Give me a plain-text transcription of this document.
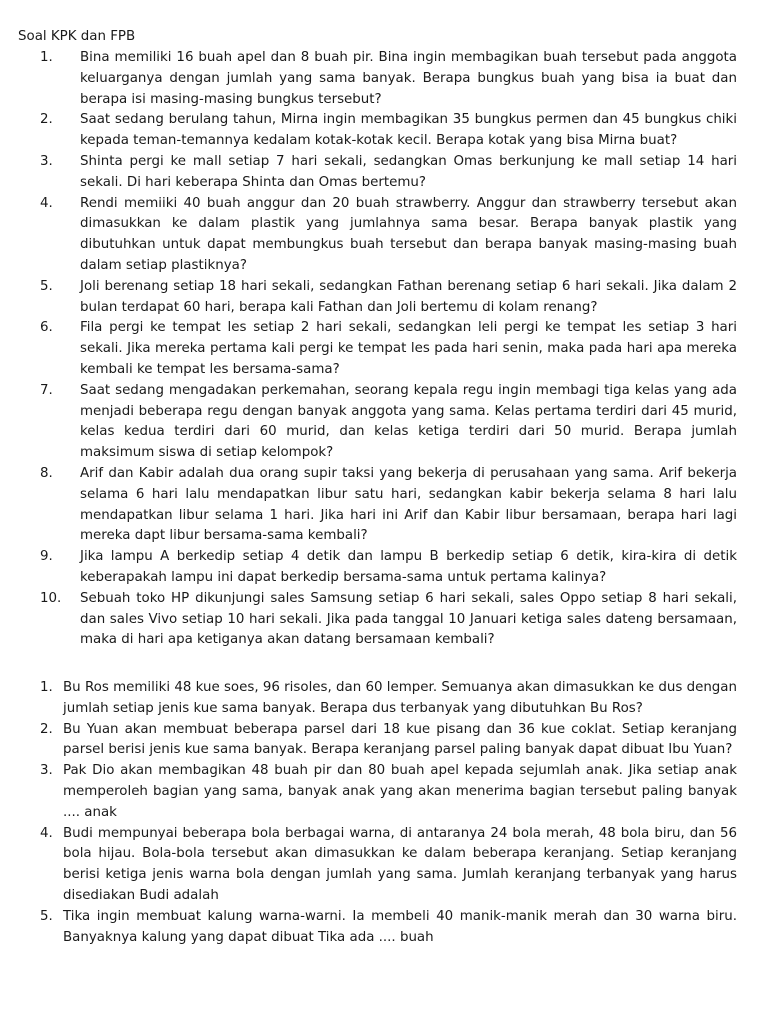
Soal KPK dan FPB
1. Bina memiliki 16 buah apel dan 8 buah pir. Bina ingin membagikan buah tersebut pada anggota keluarganya dengan jumlah yang sama banyak. Berapa bungkus buah yang bisa ia buat dan berapa isi masing-masing bungkus tersebut?
2. Saat sedang berulang tahun, Mirna ingin membagikan 35 bungkus permen dan 45 bungkus chiki kepada teman-temannya kedalam kotak-kotak kecil. Berapa kotak yang bisa Mirna buat?
3. Shinta pergi ke mall setiap 7 hari sekali, sedangkan Omas berkunjung ke mall setiap 14 hari sekali. Di hari keberapa Shinta dan Omas bertemu?
4. Rendi memiiki 40 buah anggur dan 20 buah strawberry. Anggur dan strawberry tersebut akan dimasukkan ke dalam plastik yang jumlahnya sama besar. Berapa banyak plastik yang dibutuhkan untuk dapat membungkus buah tersebut dan berapa banyak masing-masing buah dalam setiap plastiknya?
5. Joli berenang setiap 18 hari sekali, sedangkan Fathan berenang setiap 6 hari sekali. Jika dalam 2 bulan terdapat 60 hari, berapa kali Fathan dan Joli bertemu di kolam renang?
6. Fila pergi ke tempat les setiap 2 hari sekali, sedangkan leli pergi ke tempat les setiap 3 hari sekali. Jika mereka pertama kali pergi ke tempat les pada hari senin, maka pada hari apa mereka kembali ke tempat les bersama-sama?
7. Saat sedang mengadakan perkemahan, seorang kepala regu ingin membagi tiga kelas yang ada menjadi beberapa regu dengan banyak anggota yang sama. Kelas pertama terdiri dari 45 murid, kelas kedua terdiri dari 60 murid, dan kelas ketiga terdiri dari 50 murid. Berapa jumlah maksimum siswa di setiap kelompok?
8. Arif dan Kabir adalah dua orang supir taksi yang bekerja di perusahaan yang sama. Arif bekerja selama 6 hari lalu mendapatkan libur satu hari, sedangkan kabir bekerja selama 8 hari lalu mendapatkan libur selama 1 hari. Jika hari ini Arif dan Kabir libur bersamaan, berapa hari lagi mereka dapt libur bersama-sama kembali?
9. Jika lampu A berkedip setiap 4 detik dan lampu B berkedip setiap 6 detik, kira-kira di detik keberapakah lampu ini dapat berkedip bersama-sama untuk pertama kalinya?
10. Sebuah toko HP dikunjungi sales Samsung setiap 6 hari sekali, sales Oppo setiap 8 hari sekali, dan sales Vivo setiap 10 hari sekali. Jika pada tanggal 10 Januari ketiga sales dateng bersamaan, maka di hari apa ketiganya akan datang bersamaan kembali?
1. Bu Ros memiliki 48 kue soes, 96 risoles, dan 60 lemper. Semuanya akan dimasukkan ke dus dengan jumlah setiap jenis kue sama banyak. Berapa dus terbanyak yang dibutuhkan Bu Ros?
2. Bu Yuan akan membuat beberapa parsel dari 18 kue pisang dan 36 kue coklat. Setiap keranjang parsel berisi jenis kue sama banyak. Berapa keranjang parsel paling banyak dapat dibuat Ibu Yuan?
3. Pak Dio akan membagikan 48 buah pir dan 80 buah apel kepada sejumlah anak. Jika setiap anak memperoleh bagian yang sama, banyak anak yang akan menerima bagian tersebut paling banyak .... anak
4. Budi mempunyai beberapa bola berbagai warna, di antaranya 24 bola merah, 48 bola biru, dan 56 bola hijau. Bola-bola tersebut akan dimasukkan ke dalam beberapa keranjang. Setiap keranjang berisi ketiga jenis warna bola dengan jumlah yang sama. Jumlah keranjang terbanyak yang harus disediakan Budi adalah
5. Tika ingin membuat kalung warna-warni. Ia membeli 40 manik-manik merah dan 30 warna biru. Banyaknya kalung yang dapat dibuat Tika ada .... buah
